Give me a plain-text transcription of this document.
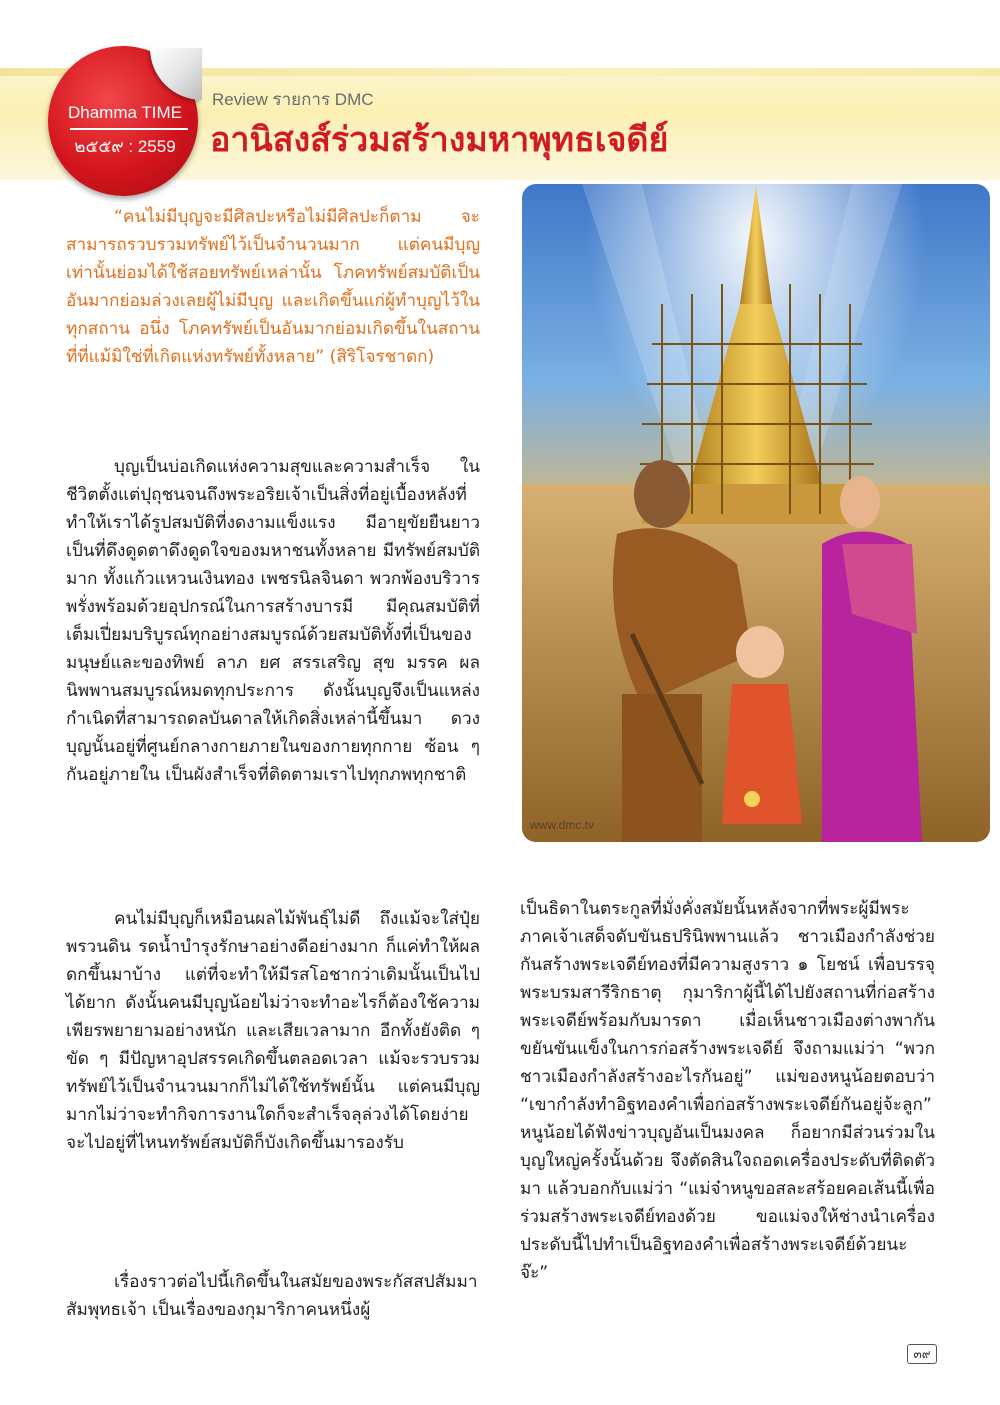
Dhamma TIME
๒๕๕๙ : 2559
Review รายการ DMC
อานิสงส์ร่วมสร้างมหาพุทธเจดีย์

“คนไม่มีบุญจะมีศิลปะหรือไม่มีศิลปะก็ตาม จะสามารถรวบรวมทรัพย์ไว้เป็นจำนวนมาก แต่คนมีบุญเท่านั้นย่อมได้ใช้สอยทรัพย์เหล่านั้น โภคทรัพย์สมบัติเป็นอันมากย่อมล่วงเลยผู้ไม่มีบุญ และเกิดขึ้นแก่ผู้ทำบุญไว้ในทุกสถาน อนึ่ง โภคทรัพย์เป็นอันมากย่อมเกิดขึ้นในสถานที่ที่แม้มิใช่ที่เกิดแห่งทรัพย์ทั้งหลาย” (สิริโจรชาดก)

บุญเป็นบ่อเกิดแห่งความสุขและความสำเร็จ ในชีวิตตั้งแต่ปุถุชนจนถึงพระอริยเจ้าเป็นสิ่งที่อยู่เบื้องหลังที่ทำให้เราได้รูปสมบัติที่งดงามแข็งแรง มีอายุขัยยืนยาว เป็นที่ดึงดูดตาดึงดูดใจของมหาชนทั้งหลาย มีทรัพย์สมบัติมาก ทั้งแก้วแหวนเงินทอง เพชรนิลจินดา พวกพ้องบริวาร พรั่งพร้อมด้วยอุปกรณ์ในการสร้างบารมี มีคุณสมบัติที่เต็มเปี่ยมบริบูรณ์ทุกอย่างสมบูรณ์ด้วยสมบัติทั้งที่เป็นของมนุษย์และของทิพย์ ลาภ ยศ สรรเสริญ สุข มรรค ผล นิพพานสมบูรณ์หมดทุกประการ ดังนั้นบุญจึงเป็นแหล่งกำเนิดที่สามารถดลบันดาลให้เกิดสิ่งเหล่านี้ขึ้นมา ดวงบุญนั้นอยู่ที่ศูนย์กลางกายภายในของกายทุกกาย ซ้อน ๆ กันอยู่ภายใน เป็นผังสำเร็จที่ติดตามเราไปทุกภพทุกชาติ

คนไม่มีบุญก็เหมือนผลไม้พันธุ์ไม่ดี ถึงแม้จะใส่ปุ๋ย พรวนดิน รดน้ำบำรุงรักษาอย่างดีอย่างมาก ก็แค่ทำให้ผลดกขึ้นมาบ้าง แต่ที่จะทำให้มีรสโอชากว่าเดิมนั้นเป็นไปได้ยาก ดังนั้นคนมีบุญน้อยไม่ว่าจะทำอะไรก็ต้องใช้ความเพียรพยายามอย่างหนัก และเสียเวลามาก อีกทั้งยังติด ๆ ขัด ๆ มีปัญหาอุปสรรคเกิดขึ้นตลอดเวลา แม้จะรวบรวมทรัพย์ไว้เป็นจำนวนมากก็ไม่ได้ใช้ทรัพย์นั้น แต่คนมีบุญมากไม่ว่าจะทำกิจการงานใดก็จะสำเร็จลุล่วงได้โดยง่าย จะไปอยู่ที่ไหนทรัพย์สมบัติก็บังเกิดขึ้นมารองรับ

เรื่องราวต่อไปนี้เกิดขึ้นในสมัยของพระกัสสปสัมมาสัมพุทธเจ้า เป็นเรื่องของกุมาริกาคนหนึ่งผู้

www.dmc.tv

เป็นธิดาในตระกูลที่มั่งคั่งสมัยนั้นหลังจากที่พระผู้มีพระภาคเจ้าเสด็จดับขันธปรินิพพานแล้ว ชาวเมืองกำลังช่วยกันสร้างพระเจดีย์ทองที่มีความสูงราว ๑ โยชน์ เพื่อบรรจุพระบรมสารีริกธาตุ กุมาริกาผู้นี้ได้ไปยังสถานที่ก่อสร้างพระเจดีย์พร้อมกับมารดา เมื่อเห็นชาวเมืองต่างพากันขยันขันแข็งในการก่อสร้างพระเจดีย์ จึงถามแม่ว่า “พวกชาวเมืองกำลังสร้างอะไรกันอยู่” แม่ของหนูน้อยตอบว่า “เขากำลังทำอิฐทองคำเพื่อก่อสร้างพระเจดีย์กันอยู่จ้ะลูก” หนูน้อยได้ฟังข่าวบุญอันเป็นมงคล ก็อยากมีส่วนร่วมในบุญใหญ่ครั้งนั้นด้วย จึงตัดสินใจถอดเครื่องประดับที่ติดตัวมา แล้วบอกกับแม่ว่า “แม่จ๋าหนูขอสละสร้อยคอเส้นนี้เพื่อร่วมสร้างพระเจดีย์ทองด้วย ขอแม่จงให้ช่างนำเครื่องประดับนี้ไปทำเป็นอิฐทองคำเพื่อสร้างพระเจดีย์ด้วยนะจ๊ะ”

๓๙
